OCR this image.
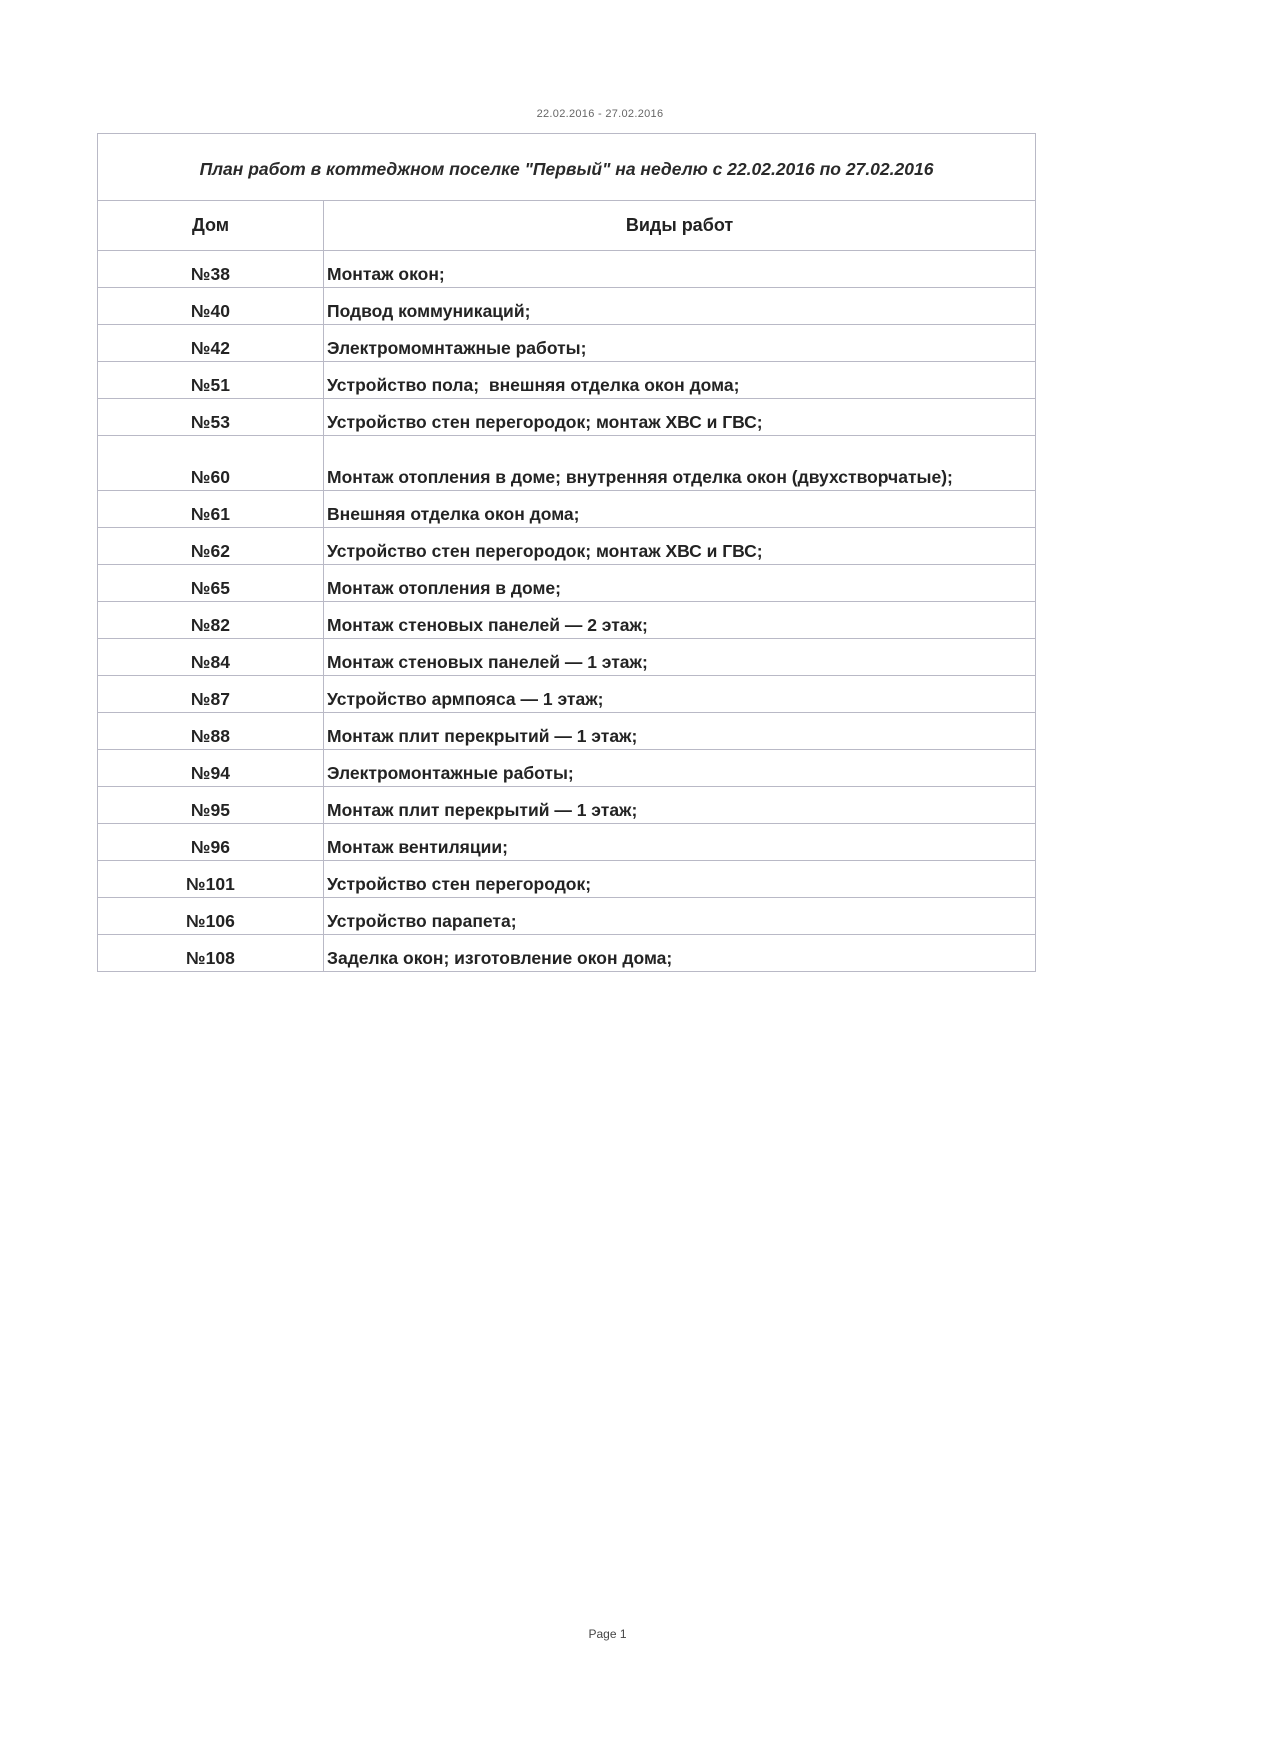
22.02.2016 - 27.02.2016
План работ в коттеджном поселке "Первый" на неделю с 22.02.2016 по 27.02.2016	
Дом	Виды работ
№38	Монтаж окон;
№40	Подвод коммуникаций;
№42	Электромомнтажные работы;
№51	Устройство пола;  внешняя отделка окон дома;
№53	Устройство стен перегородок; монтаж ХВС и ГВС;
№60	Монтаж отопления в доме; внутренняя отделка окон (двухстворчатые);
№61	Внешняя отделка окон дома;
№62	Устройство стен перегородок; монтаж ХВС и ГВС;
№65	Монтаж отопления в доме;
№82	Монтаж стеновых панелей — 2 этаж;
№84	Монтаж стеновых панелей — 1 этаж;
№87	Устройство армпояса — 1 этаж;
№88	Монтаж плит перекрытий — 1 этаж;
№94	Электромонтажные работы;
№95	Монтаж плит перекрытий — 1 этаж;
№96	Монтаж вентиляции;
№101	Устройство стен перегородок;
№106	Устройство парапета;
№108	Заделка окон; изготовление окон дома;
Page 1
